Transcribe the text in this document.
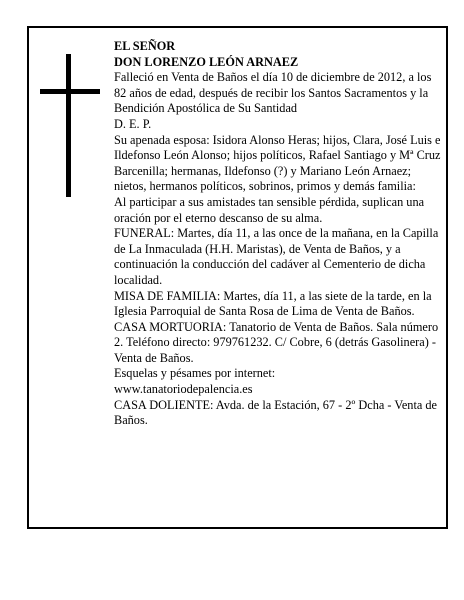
EL SEÑOR

DON LORENZO LEÓN ARNAEZ

Falleció en Venta de Baños el día 10 de diciembre de 2012, a los 82 años de edad, después de recibir los Santos Sacramentos y la Bendición Apostólica de Su Santidad

D. E. P.

Su apenada esposa: Isidora Alonso Heras; hijos, Clara, José Luis e Ildefonso León Alonso; hijos políticos, Rafael Santiago y Mª Cruz Barcenilla; hermanas, Ildefonso (?) y Mariano León Arnaez; nietos, hermanos políticos, sobrinos, primos y demás familia:

Al participar a sus amistades tan sensible pérdida, suplican una oración por el eterno descanso de su alma.

FUNERAL: Martes, día 11, a las once de la mañana, en la Capilla de La Inmaculada (H.H. Maristas), de Venta de Baños, y a continuación la conducción del cadáver al Cementerio de dicha localidad.

MISA DE FAMILIA: Martes, día 11, a las siete de la tarde, en la Iglesia Parroquial de Santa Rosa de Lima de Venta de Baños.

CASA MORTUORIA: Tanatorio de Venta de Baños. Sala número 2. Teléfono directo: 979761232. C/ Cobre, 6 (detrás Gasolinera) - Venta de Baños.

Esquelas y pésames por internet:

www.tanatoriodepalencia.es

CASA DOLIENTE: Avda. de la Estación, 67 - 2º Dcha - Venta de Baños.
